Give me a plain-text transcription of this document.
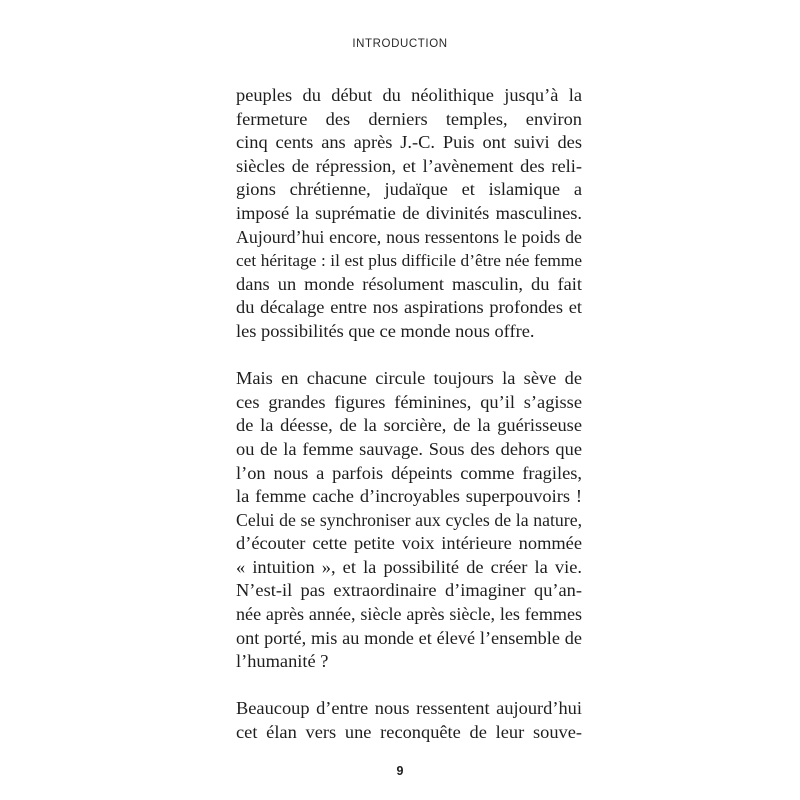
INTRODUCTION

peuples du début du néolithique jusqu’à la
fermeture des derniers temples, environ
cinq cents ans après J.-C. Puis ont suivi des
siècles de répression, et l’avènement des reli-
gions chrétienne, judaïque et islamique a
imposé la suprématie de divinités masculines.
Aujourd’hui encore, nous ressentons le poids de
cet héritage : il est plus difficile d’être née femme
dans un monde résolument masculin, du fait
du décalage entre nos aspirations profondes et
les possibilités que ce monde nous offre.

Mais en chacune circule toujours la sève de
ces grandes figures féminines, qu’il s’agisse
de la déesse, de la sorcière, de la guérisseuse
ou de la femme sauvage. Sous des dehors que
l’on nous a parfois dépeints comme fragiles,
la femme cache d’incroyables superpouvoirs !
Celui de se synchroniser aux cycles de la nature,
d’écouter cette petite voix intérieure nommée
« intuition », et la possibilité de créer la vie.
N’est-il pas extraordinaire d’imaginer qu’an-
née après année, siècle après siècle, les femmes
ont porté, mis au monde et élevé l’ensemble de
l’humanité ?

Beaucoup d’entre nous ressentent aujourd’hui
cet élan vers une reconquête de leur souve-

9
